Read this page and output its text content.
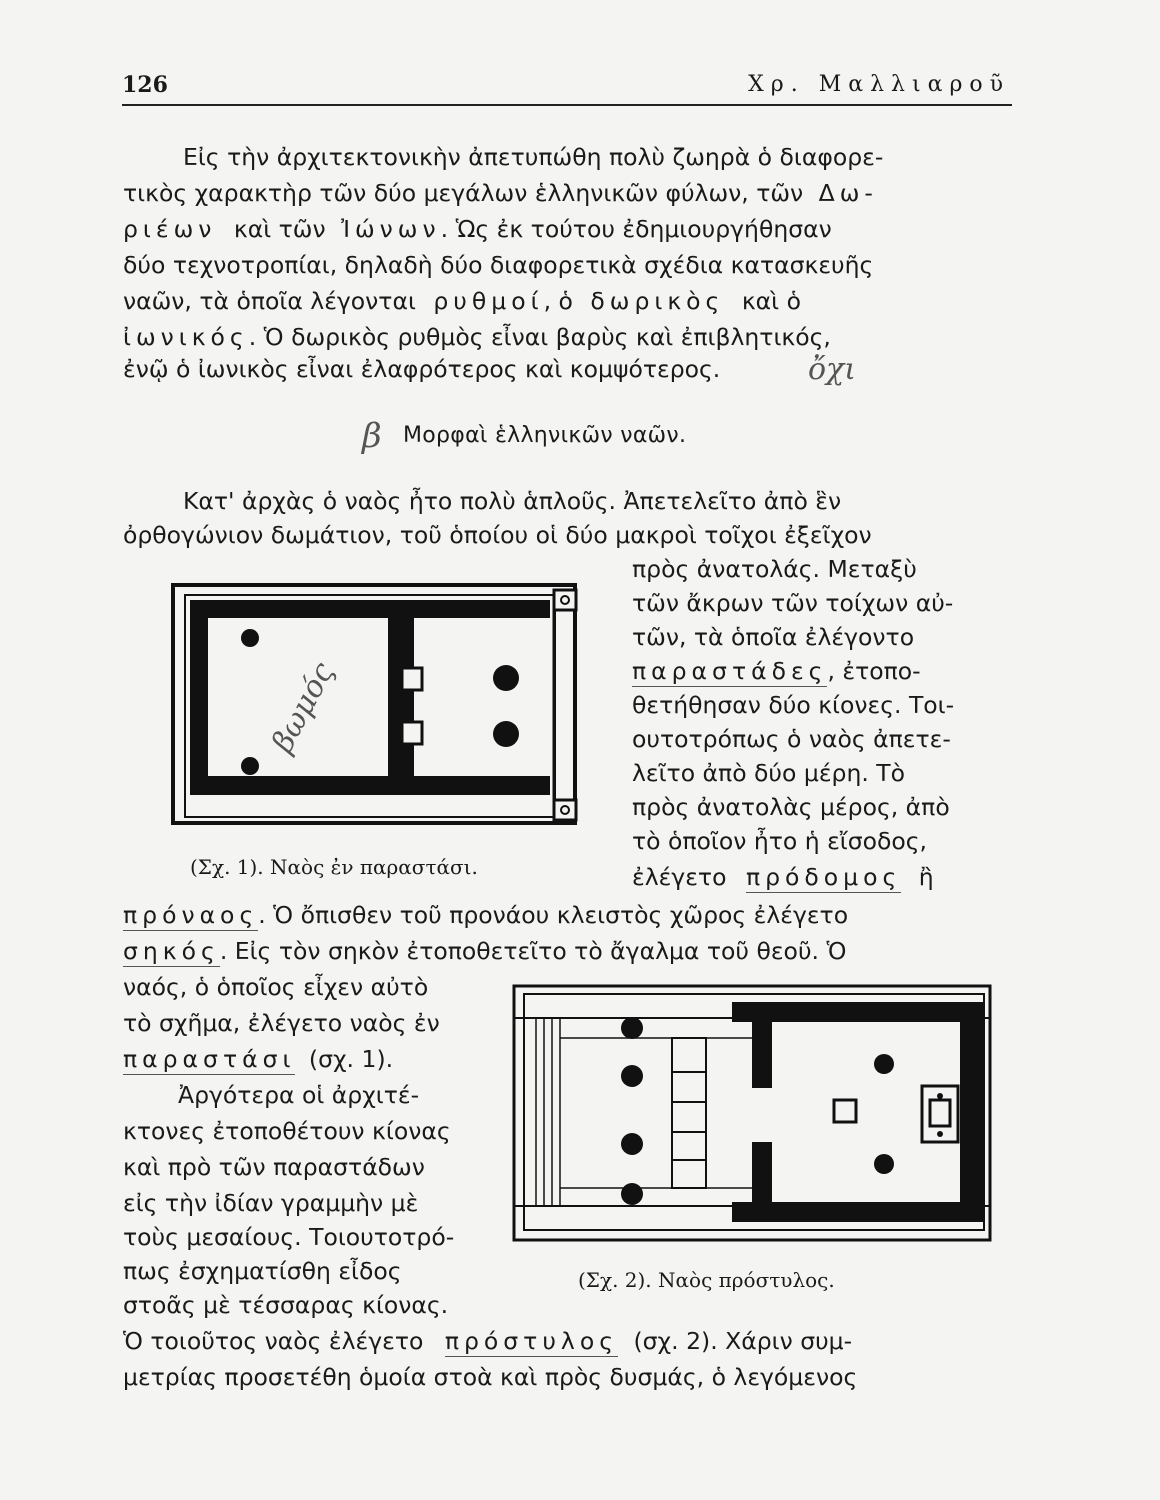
126	Χρ. Μαλλιαροῦ
Εἰς τὴν ἀρχιτεκτονικὴν ἀπετυπώθη πολὺ ζωηρὰ ὁ διαφορε-
τικὸς χαρακτὴρ τῶν δύο μεγάλων ἑλληνικῶν φύλων, τῶν Δω-
ριέων καὶ τῶν Ἰώνων. Ὡς ἐκ τούτου ἐδημιουργήθησαν
δύο τεχνοτροπίαι, δηλαδὴ δύο διαφορετικὰ σχέδια κατασκευῆς
ναῶν, τὰ ὁποῖα λέγονται ρυθμοί, ὁ δωρικὸς καὶ ὁ
ἰωνικός. Ὁ δωρικὸς ρυθμὸς εἶναι βαρὺς καὶ ἐπιβλητικός,
ἐνῷ ὁ ἰωνικὸς εἶναι ἐλαφρότερος καὶ κομψότερος.	ὄχι
β Μορφαὶ ἑλληνικῶν ναῶν.
Κατ' ἀρχὰς ὁ ναὸς ἦτο πολὺ ἁπλοῦς. Ἀπετελεῖτο ἀπὸ ἓν
ὀρθογώνιον δωμάτιον, τοῦ ὁποίου οἱ δύο μακροὶ τοῖχοι ἐξεῖχον
πρὸς ἀνατολάς. Μεταξὺ
τῶν ἄκρων τῶν τοίχων αὐ-
τῶν, τὰ ὁποῖα ἐλέγοντο
παραστάδες, ἐτοπο-
θετήθησαν δύο κίονες. Τοι-
ουτοτρόπως ὁ ναὸς ἀπετε-
λεῖτο ἀπὸ δύο μέρη. Τὸ
πρὸς ἀνατολὰς μέρος, ἀπὸ
τὸ ὁποῖον ἦτο ἡ εἴσοδος,
ἐλέγετο πρόδομος ἢ
πρόναος. Ὁ ὄπισθεν τοῦ προνάου κλειστὸς χῶρος ἐλέγετο
σηκός. Εἰς τὸν σηκὸν ἐτοποθετεῖτο τὸ ἄγαλμα τοῦ θεοῦ. Ὁ
ναός, ὁ ὁποῖος εἶχεν αὐτὸ
τὸ σχῆμα, ἐλέγετο ναὸς ἐν
παραστάσι (σχ. 1).
Ἀργότερα οἱ ἀρχιτέ-
κτονες ἐτοποθέτουν κίονας
καὶ πρὸ τῶν παραστάδων
εἰς τὴν ἰδίαν γραμμὴν μὲ
τοὺς μεσαίους. Τοιουτοτρό-
πως ἐσχηματίσθη εἶδος
στοᾶς μὲ τέσσαρας κίονας.
Ὁ τοιοῦτος ναὸς ἐλέγετο πρόστυλος (σχ. 2). Χάριν συμ-
μετρίας προσετέθη ὁμοία στοὰ καὶ πρὸς δυσμάς, ὁ λεγόμενος
βωμός
(Σχ. 1). Ναὸς ἐν παραστάσι.
(Σχ. 2). Ναὸς πρόστυλος.
